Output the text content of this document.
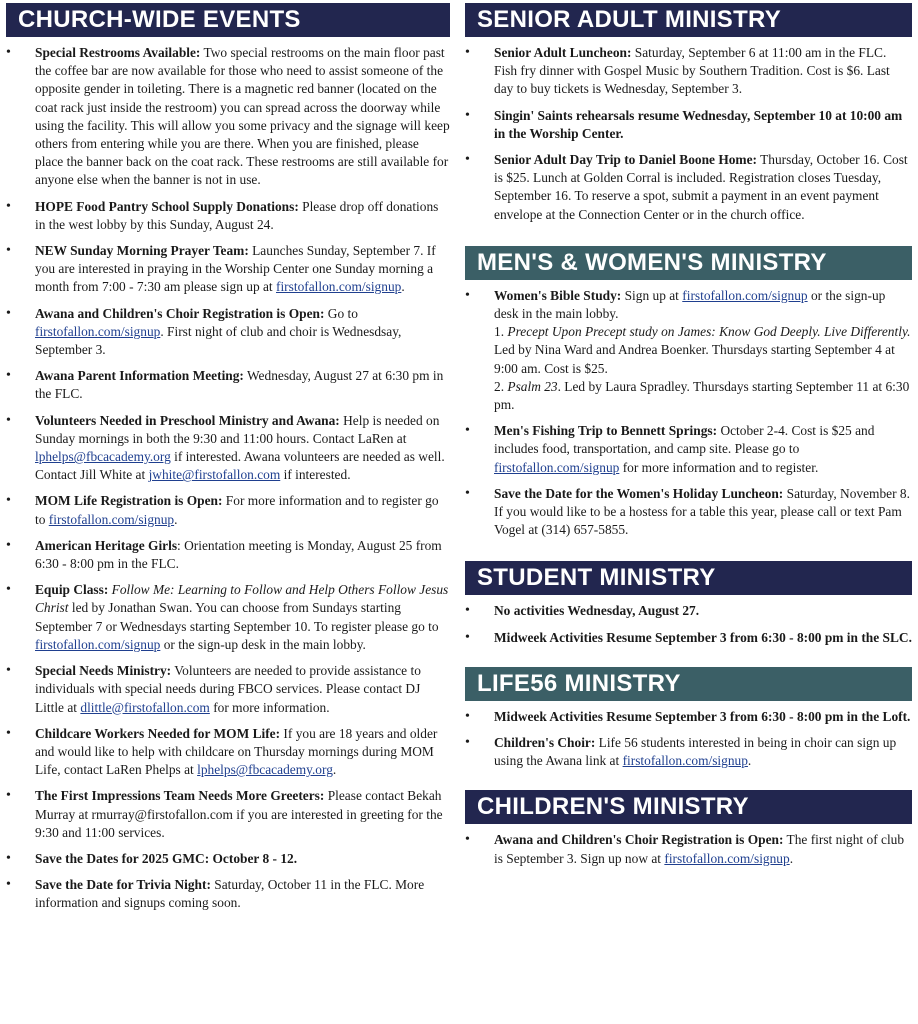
CHURCH-WIDE EVENTS
• Special Restrooms Available: Two special restrooms on the main floor past the coffee bar are now available for those who need to assist someone of the opposite gender in toileting. There is a magnetic red banner (located on the coat rack just inside the restroom) you can spread across the doorway while using the facility. This will allow you some privacy and the signage will keep others from entering while you are there. When you are finished, please place the banner back on the coat rack. These restrooms are still available for anyone else when the banner is not in use.
• HOPE Food Pantry School Supply Donations: Please drop off donations in the west lobby by this Sunday, August 24.
• NEW Sunday Morning Prayer Team: Launches Sunday, September 7. If you are interested in praying in the Worship Center one Sunday morning a month from 7:00 - 7:30 am please sign up at firstofallon.com/signup.
• Awana and Children's Choir Registration is Open: Go to firstofallon.com/signup. First night of club and choir is Wednesdsay, September 3.
• Awana Parent Information Meeting: Wednesday, August 27 at 6:30 pm in the FLC.
• Volunteers Needed in Preschool Ministry and Awana: Help is needed on Sunday mornings in both the 9:30 and 11:00 hours. Contact LaRen at lphelps@fbcacademy.org if interested. Awana volunteers are needed as well. Contact Jill White at jwhite@firstofallon.com if interested.
• MOM Life Registration is Open: For more information and to register go to firstofallon.com/signup.
• American Heritage Girls: Orientation meeting is Monday, August 25 from 6:30 - 8:00 pm in the FLC.
• Equip Class: Follow Me: Learning to Follow and Help Others Follow Jesus Christ led by Jonathan Swan. You can choose from Sundays starting September 7 or Wednesdays starting September 10. To register please go to firstofallon.com/signup or the sign-up desk in the main lobby.
• Special Needs Ministry: Volunteers are needed to provide assistance to individuals with special needs during FBCO services. Please contact DJ Little at dlittle@firstofallon.com for more information.
• Childcare Workers Needed for MOM Life: If you are 18 years and older and would like to help with childcare on Thursday mornings during MOM Life, contact LaRen Phelps at lphelps@fbcacademy.org.
• The First Impressions Team Needs More Greeters: Please contact Bekah Murray at rmurray@firstofallon.com if you are interested in greeting for the 9:30 and 11:00 services.
• Save the Dates for 2025 GMC: October 8 - 12.
• Save the Date for Trivia Night: Saturday, October 11 in the FLC. More information and signups coming soon.
SENIOR ADULT MINISTRY
• Senior Adult Luncheon: Saturday, September 6 at 11:00 am in the FLC. Fish fry dinner with Gospel Music by Southern Tradition. Cost is $6. Last day to buy tickets is Wednesday, September 3.
• Singin' Saints rehearsals resume Wednesday, September 10 at 10:00 am in the Worship Center.
• Senior Adult Day Trip to Daniel Boone Home: Thursday, October 16. Cost is $25. Lunch at Golden Corral is included. Registration closes Tuesday, September 16. To reserve a spot, submit a payment in an event payment envelope at the Connection Center or in the church office.
MEN'S & WOMEN'S MINISTRY
• Women's Bible Study: Sign up at firstofallon.com/signup or the sign-up desk in the main lobby.
1. Precept Upon Precept study on James: Know God Deeply. Live Differently. Led by Nina Ward and Andrea Boenker. Thursdays starting September 4 at 9:00 am. Cost is $25.
2. Psalm 23. Led by Laura Spradley. Thursdays starting September 11 at 6:30 pm.
• Men's Fishing Trip to Bennett Springs: October 2-4. Cost is $25 and includes food, transportation, and camp site. Please go to firstofallon.com/signup for more information and to register.
• Save the Date for the Women's Holiday Luncheon: Saturday, November 8. If you would like to be a hostess for a table this year, please call or text Pam Vogel at (314) 657-5855.
STUDENT MINISTRY
• No activities Wednesday, August 27.
• Midweek Activities Resume September 3 from 6:30 - 8:00 pm in the SLC.
LIFE56 MINISTRY
• Midweek Activities Resume September 3 from 6:30 - 8:00 pm in the Loft.
• Children's Choir: Life 56 students interested in being in choir can sign up using the Awana link at firstofallon.com/signup.
CHILDREN'S MINISTRY
• Awana and Children's Choir Registration is Open: The first night of club is September 3. Sign up now at firstofallon.com/signup.
